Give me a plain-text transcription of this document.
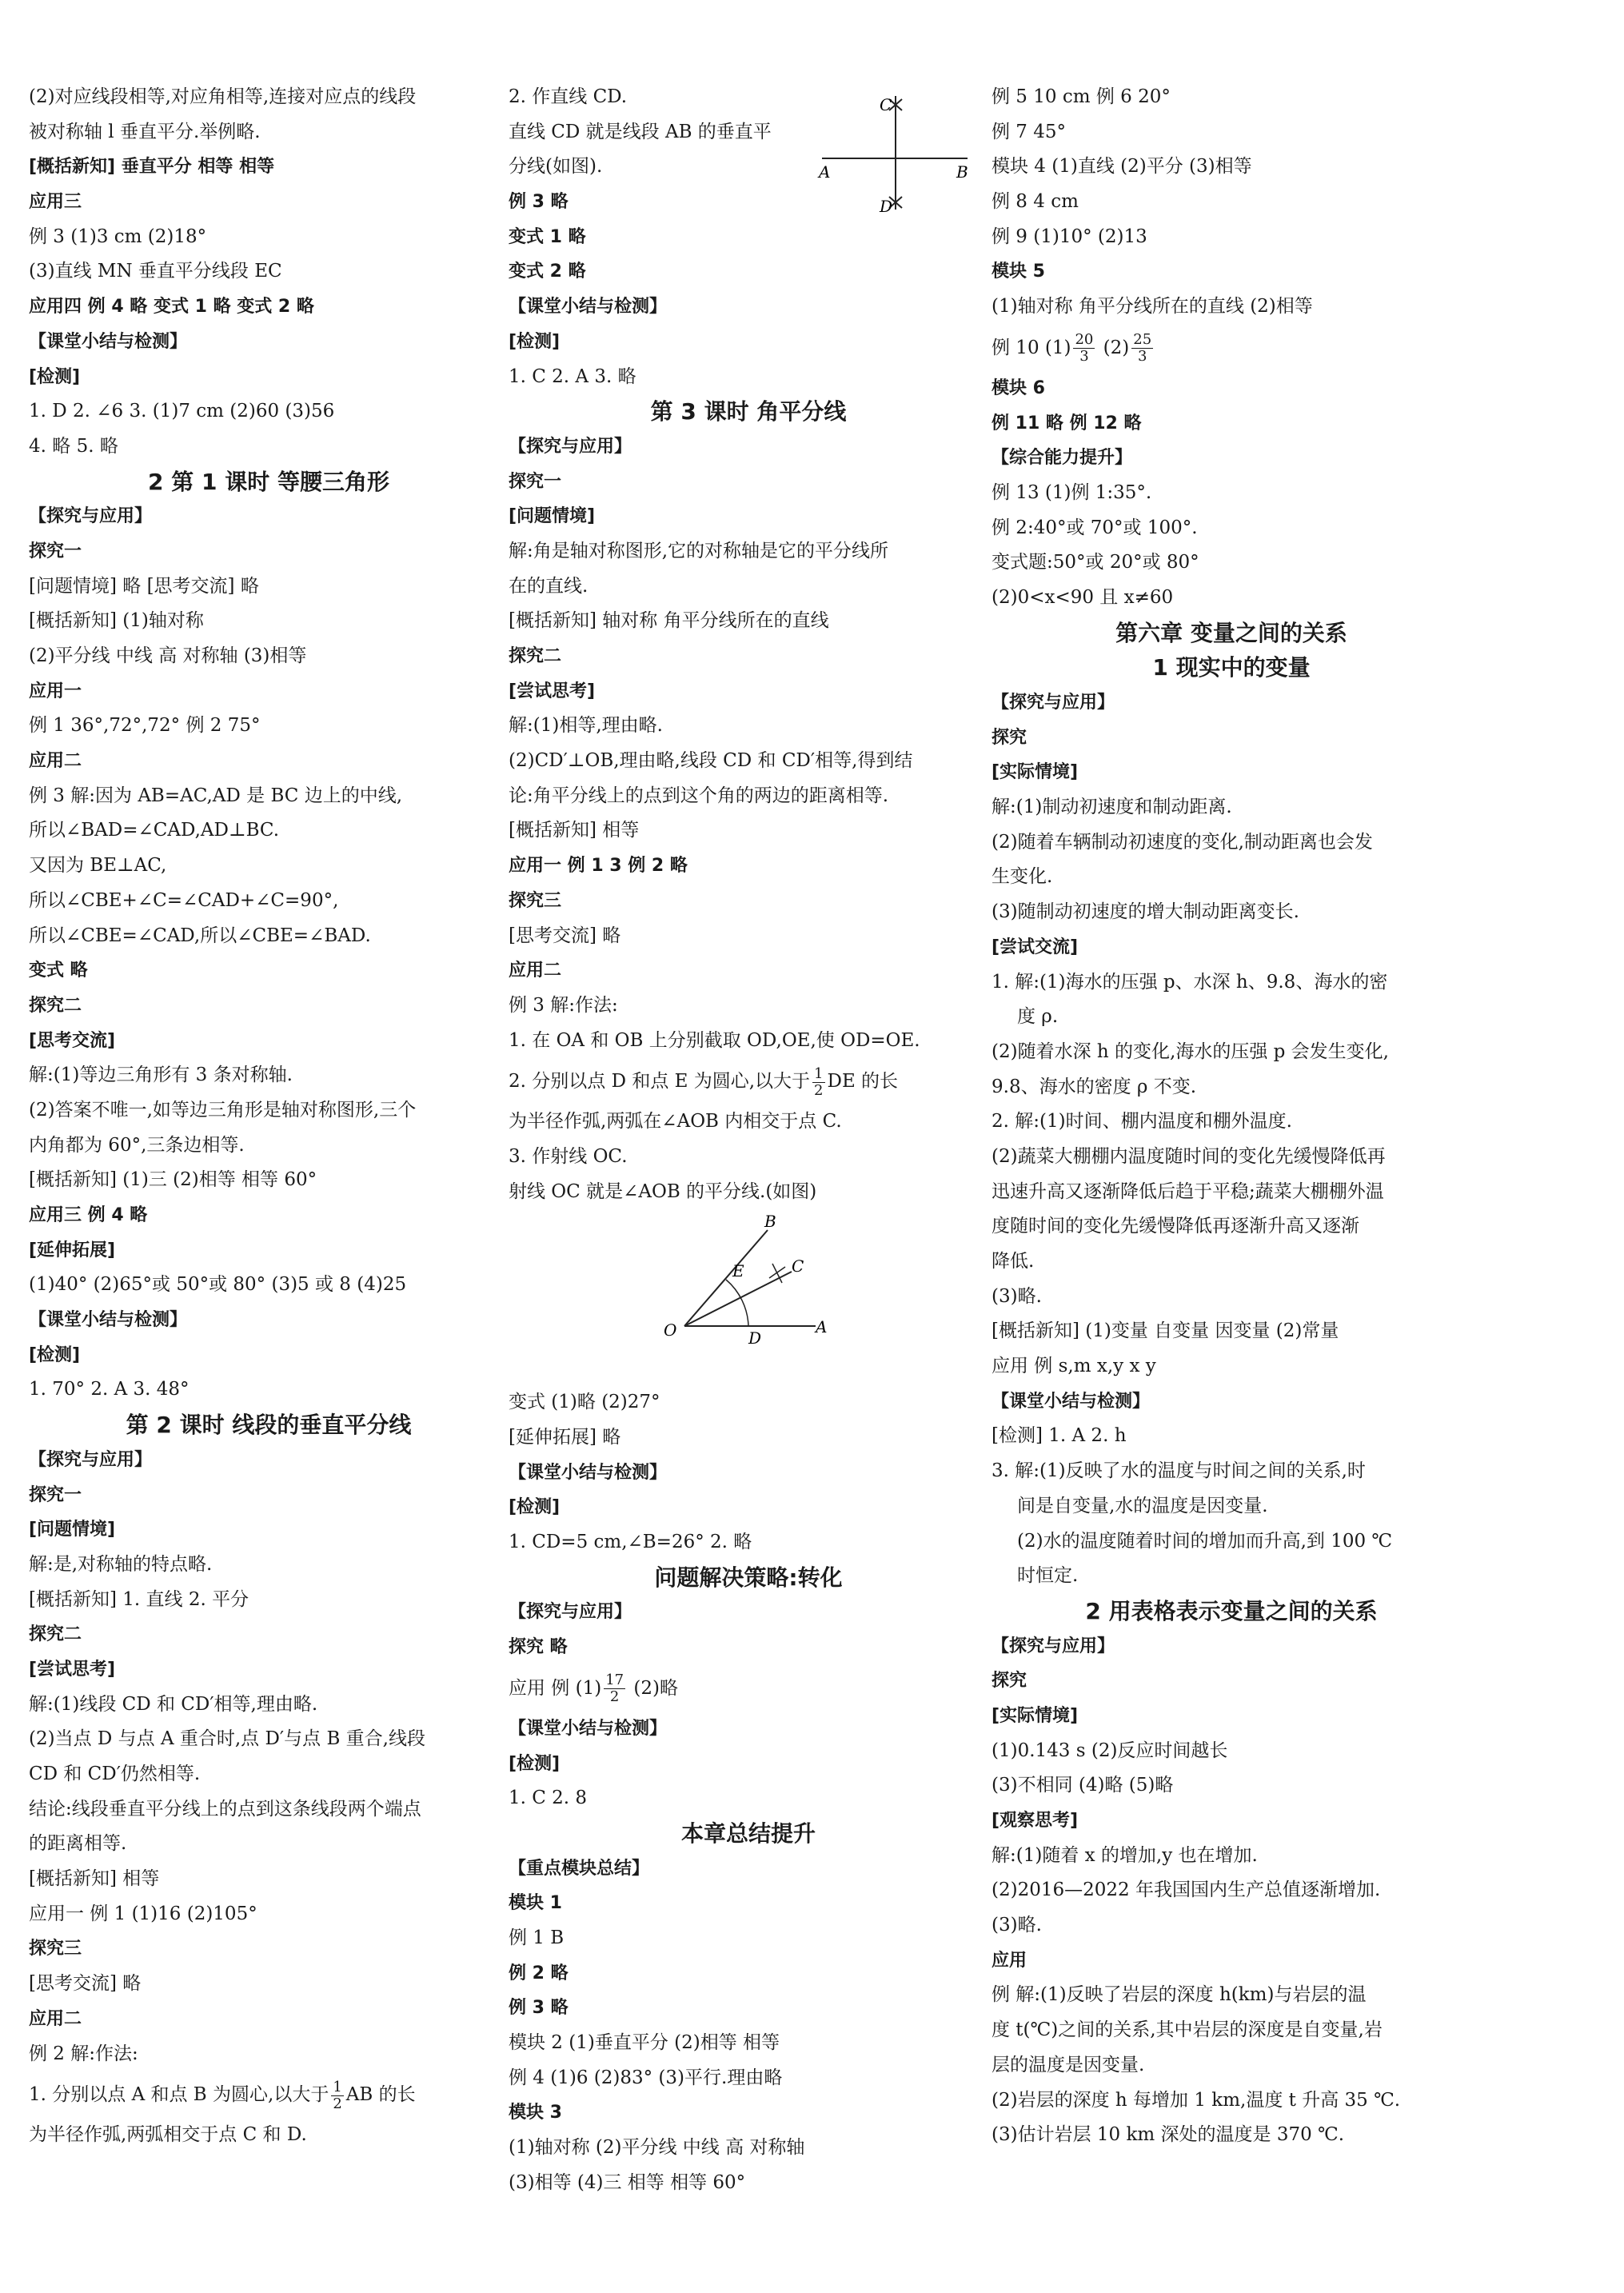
(2)对应线段相等,对应角相等,连接对应点的线段
被对称轴 l 垂直平分.举例略.
[概括新知] 垂直平分 相等 相等
应用三
例 3 (1)3 cm (2)18°
(3)直线 MN 垂直平分线段 EC
应用四 例 4 略 变式 1 略 变式 2 略
【课堂小结与检测】
[检测]
1. D 2. ∠6 3. (1)7 cm (2)60 (3)56
4. 略 5. 略
2 第 1 课时 等腰三角形
【探究与应用】
探究一
[问题情境] 略 [思考交流] 略
[概括新知] (1)轴对称
(2)平分线 中线 高 对称轴 (3)相等
应用一
例 1 36°,72°,72° 例 2 75°
应用二
例 3 解:因为 AB=AC,AD 是 BC 边上的中线,
所以∠BAD=∠CAD,AD⊥BC.
又因为 BE⊥AC,
所以∠CBE+∠C=∠CAD+∠C=90°,
所以∠CBE=∠CAD,所以∠CBE=∠BAD.
变式 略
探究二
[思考交流]
解:(1)等边三角形有 3 条对称轴.
(2)答案不唯一,如等边三角形是轴对称图形,三个
内角都为 60°,三条边相等.
[概括新知] (1)三 (2)相等 相等 60°
应用三 例 4 略
[延伸拓展]
(1)40° (2)65°或 50°或 80° (3)5 或 8 (4)25
【课堂小结与检测】
[检测]
1. 70° 2. A 3. 48°
第 2 课时 线段的垂直平分线
【探究与应用】
探究一
[问题情境]
解:是,对称轴的特点略.
[概括新知] 1. 直线 2. 平分
探究二
[尝试思考]
解:(1)线段 CD 和 CD′相等,理由略.
(2)当点 D 与点 A 重合时,点 D′与点 B 重合,线段
CD 和 CD′仍然相等.
结论:线段垂直平分线上的点到这条线段两个端点
的距离相等.
[概括新知] 相等
应用一 例 1 (1)16 (2)105°
探究三
[思考交流] 略
应用二
例 2 解:作法:
1. 分别以点 A 和点 B 为圆心,以大于 $\frac{1}{2}$ AB 的长
为半径作弧,两弧相交于点 C 和 D.
2. 作直线 CD.
直线 CD 就是线段 AB 的垂直平
分线(如图).
例 3 略
变式 1 略
变式 2 略
【课堂小结与检测】
[检测]
1. C 2. A 3. 略
第 3 课时 角平分线
【探究与应用】
探究一
[问题情境]
解:角是轴对称图形,它的对称轴是它的平分线所
在的直线.
[概括新知] 轴对称 角平分线所在的直线
探究二
[尝试思考]
解:(1)相等,理由略.
(2)CD′⊥OB,理由略,线段 CD 和 CD′相等,得到结
论:角平分线上的点到这个角的两边的距离相等.
[概括新知] 相等
应用一 例 1 3 例 2 略
探究三
[思考交流] 略
应用二
例 3 解:作法:
1. 在 OA 和 OB 上分别截取 OD,OE,使 OD=OE.
2. 分别以点 D 和点 E 为圆心,以大于 $\frac{1}{2}$ DE 的长
为半径作弧,两弧在∠AOB 内相交于点 C.
3. 作射线 OC.
射线 OC 就是∠AOB 的平分线.(如图)
变式 (1)略 (2)27°
[延伸拓展] 略
【课堂小结与检测】
[检测]
1. CD=5 cm,∠B=26° 2. 略
问题解决策略:转化
【探究与应用】
探究 略
应用 例 $(1) \frac{17}{2} (2)$略
【课堂小结与检测】
[检测]
1. C 2. 8
本章总结提升
【重点模块总结】
模块 1
例 1 B
例 2 略
例 3 略
模块 2 (1)垂直平分 (2)相等 相等
例 4 (1)6 (2)83° (3)平行.理由略
模块 3
(1)轴对称 (2)平分线 中线 高 对称轴
(3)相等 (4)三 相等 相等 60°
例 5 10 cm 例 6 20°
例 7 45°
模块 4 (1)直线 (2)平分 (3)相等
例 8 4 cm
例 9 (1)10° (2)13
模块 5
(1)轴对称 角平分线所在的直线 (2)相等
例 10 $(1) \frac{20}{3} (2) \frac{25}{3}$
模块 6
例 11 略 例 12 略
【综合能力提升】
例 13 (1)例 1:35°.
例 2:40°或 70°或 100°.
变式题:50°或 20°或 80°
(2)0<x<90 且 x≠60
第六章 变量之间的关系
1 现实中的变量
【探究与应用】
探究
[实际情境]
解:(1)制动初速度和制动距离.
(2)随着车辆制动初速度的变化,制动距离也会发
生变化.
(3)随制动初速度的增大制动距离变长.
[尝试交流]
1. 解:(1)海水的压强 p、水深 h、9.8、海水的密
度 ρ.
(2)随着水深 h 的变化,海水的压强 p 会发生变化,
9.8、海水的密度 ρ 不变.
2. 解:(1)时间、棚内温度和棚外温度.
(2)蔬菜大棚棚内温度随时间的变化先缓慢降低再
迅速升高又逐渐降低后趋于平稳;蔬菜大棚棚外温
度随时间的变化先缓慢降低再逐渐升高又逐渐
降低.
(3)略.
[概括新知] (1)变量 自变量 因变量 (2)常量
应用 例 s,m x,y x y
【课堂小结与检测】
[检测] 1. A 2. h
3. 解:(1)反映了水的温度与时间之间的关系,时
间是自变量,水的温度是因变量.
(2)水的温度随着时间的增加而升高,到 100 ℃
时恒定.
2 用表格表示变量之间的关系
【探究与应用】
探究
[实际情境]
(1)0.143 s (2)反应时间越长
(3)不相同 (4)略 (5)略
[观察思考]
解:(1)随着 x 的增加,y 也在增加.
(2)2016—2022 年我国国内生产总值逐渐增加.
(3)略.
应用
例 解:(1)反映了岩层的深度 h(km)与岩层的温
度 t(℃)之间的关系,其中岩层的深度是自变量,岩
层的温度是因变量.
(2)岩层的深度 h 每增加 1 km,温度 t 升高 35 ℃.
(3)估计岩层 10 km 深处的温度是 370 ℃.
C
A	B
D
O	A
B
C
D
E
